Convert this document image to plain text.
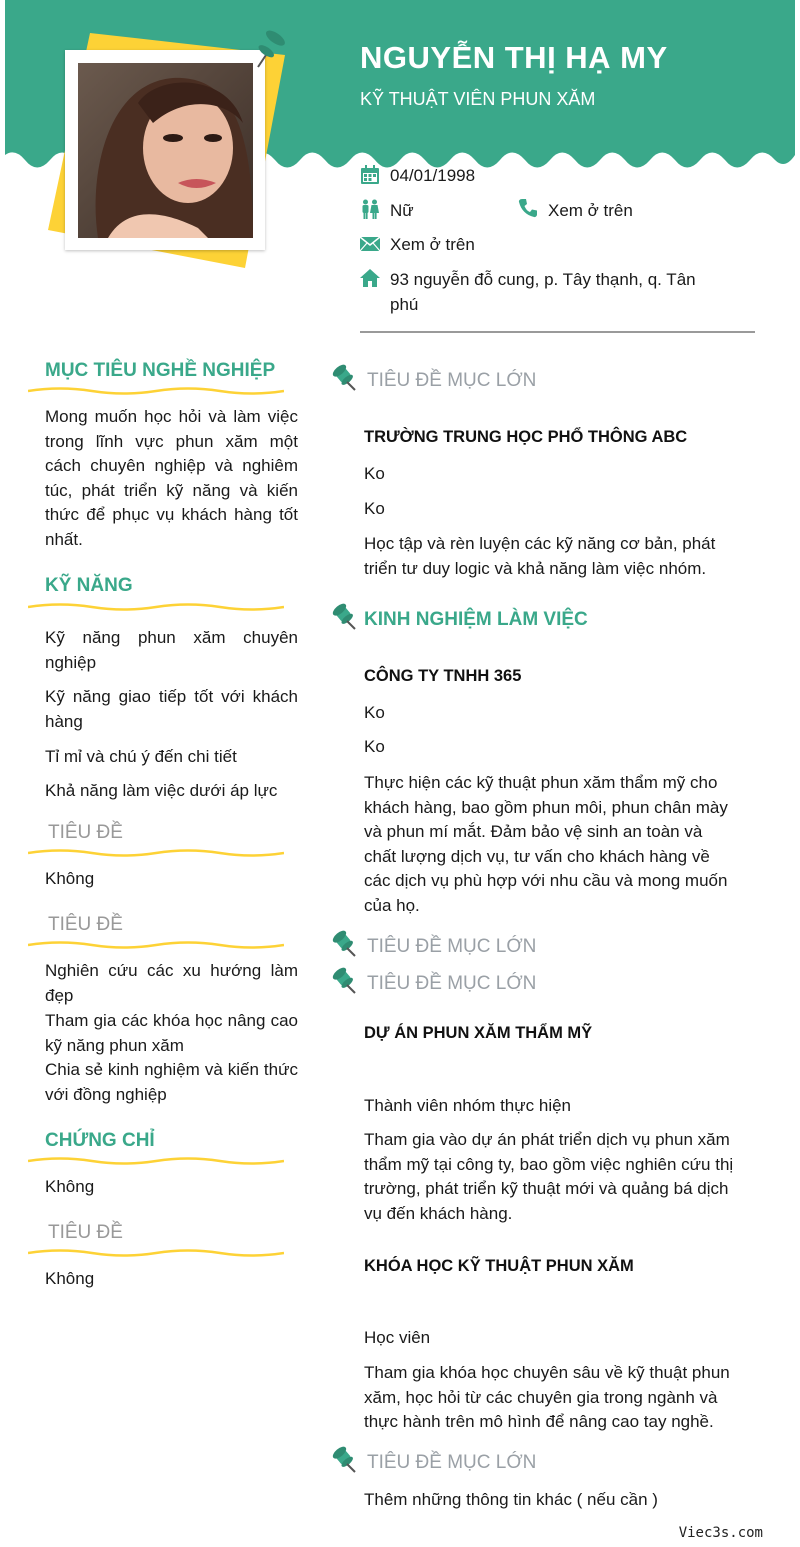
NGUYỄN THỊ HẠ MY
KỸ THUẬT VIÊN PHUN XĂM
04/01/1998
Nữ	Xem ở trên
Xem ở trên
93 nguyễn đỗ cung, p. Tây thạnh, q. Tân
phú
MỤC TIÊU NGHỀ NGHIỆP
Mong muốn học hỏi và làm việc trong lĩnh vực phun xăm một cách chuyên nghiệp và nghiêm túc, phát triển kỹ năng và kiến thức để phục vụ khách hàng tốt nhất.
KỸ NĂNG
Kỹ năng phun xăm chuyên nghiệp
Kỹ năng giao tiếp tốt với khách hàng
Tỉ mỉ và chú ý đến chi tiết
Khả năng làm việc dưới áp lực
TIÊU ĐỀ
Không
TIÊU ĐỀ
Nghiên cứu các xu hướng làm đẹp
Tham gia các khóa học nâng cao kỹ năng phun xăm
Chia sẻ kinh nghiệm và kiến thức với đồng nghiệp
CHỨNG CHỈ
Không
TIÊU ĐỀ
Không
TIÊU ĐỀ MỤC LỚN
TRƯỜNG TRUNG HỌC PHỔ THÔNG ABC
Ko
Ko
Học tập và rèn luyện các kỹ năng cơ bản, phát triển tư duy logic và khả năng làm việc nhóm.
KINH NGHIỆM LÀM VIỆC
CÔNG TY TNHH 365
Ko
Ko
Thực hiện các kỹ thuật phun xăm thẩm mỹ cho khách hàng, bao gồm phun môi, phun chân mày và phun mí mắt. Đảm bảo vệ sinh an toàn và chất lượng dịch vụ, tư vấn cho khách hàng về các dịch vụ phù hợp với nhu cầu và mong muốn của họ.
TIÊU ĐỀ MỤC LỚN
TIÊU ĐỀ MỤC LỚN
DỰ ÁN PHUN XĂM THẨM MỸ
Thành viên nhóm thực hiện
Tham gia vào dự án phát triển dịch vụ phun xăm thẩm mỹ tại công ty, bao gồm việc nghiên cứu thị trường, phát triển kỹ thuật mới và quảng bá dịch vụ đến khách hàng.
KHÓA HỌC KỸ THUẬT PHUN XĂM
Học viên
Tham gia khóa học chuyên sâu về kỹ thuật phun xăm, học hỏi từ các chuyên gia trong ngành và thực hành trên mô hình để nâng cao tay nghề.
TIÊU ĐỀ MỤC LỚN
Thêm những thông tin khác ( nếu cần )
Viec3s.com
